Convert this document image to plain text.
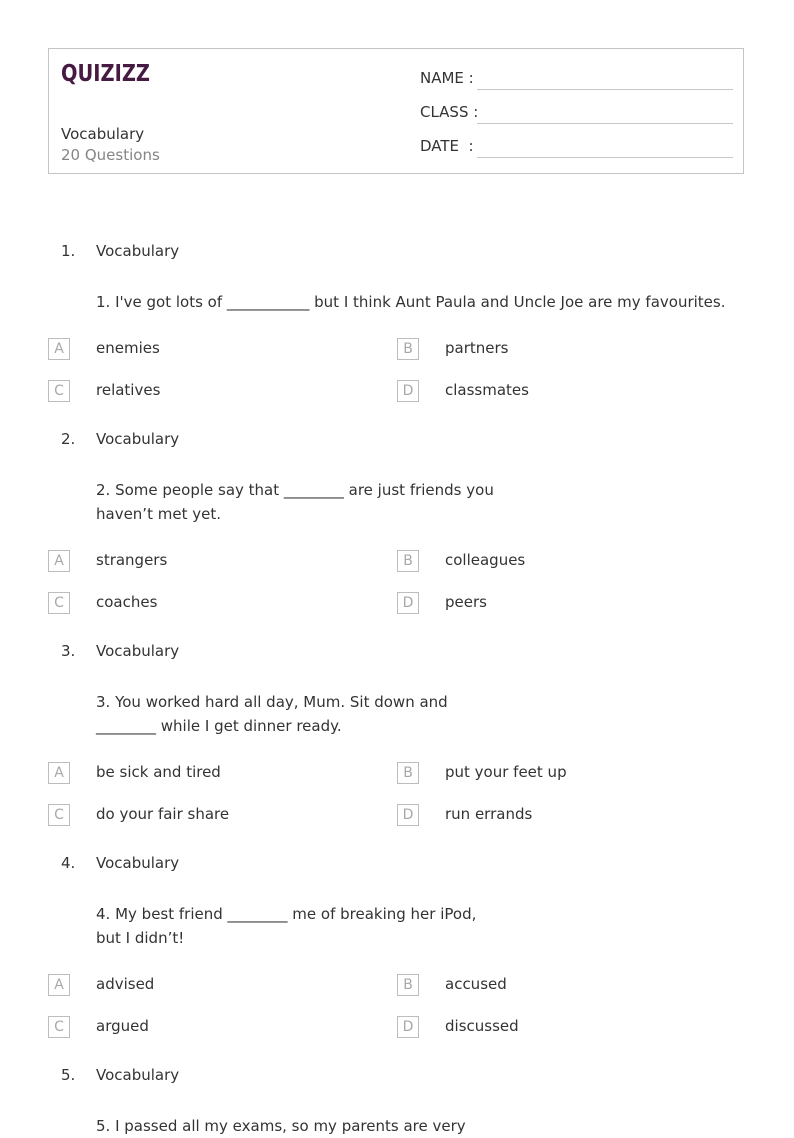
QUIZIZZ
Vocabulary
20 Questions
NAME :
CLASS :
DATE  :
1. Vocabulary
1. I've got lots of ___________ but I think Aunt Paula and Uncle Joe are my favourites.
A	enemies	B	partners
C	relatives	D	classmates
2. Vocabulary
2. Some people say that ________ are just friends you haven’t met yet.
A	strangers	B	colleagues
C	coaches	D	peers
3. Vocabulary
3. You worked hard all day, Mum. Sit down and ________ while I get dinner ready.
A	be sick and tired	B	put your feet up
C	do your fair share	D	run errands
4. Vocabulary
4. My best friend ________ me of breaking her iPod, but I didn’t!
A	advised	B	accused
C	argued	D	discussed
5. Vocabulary
5. I passed all my exams, so my parents are very
